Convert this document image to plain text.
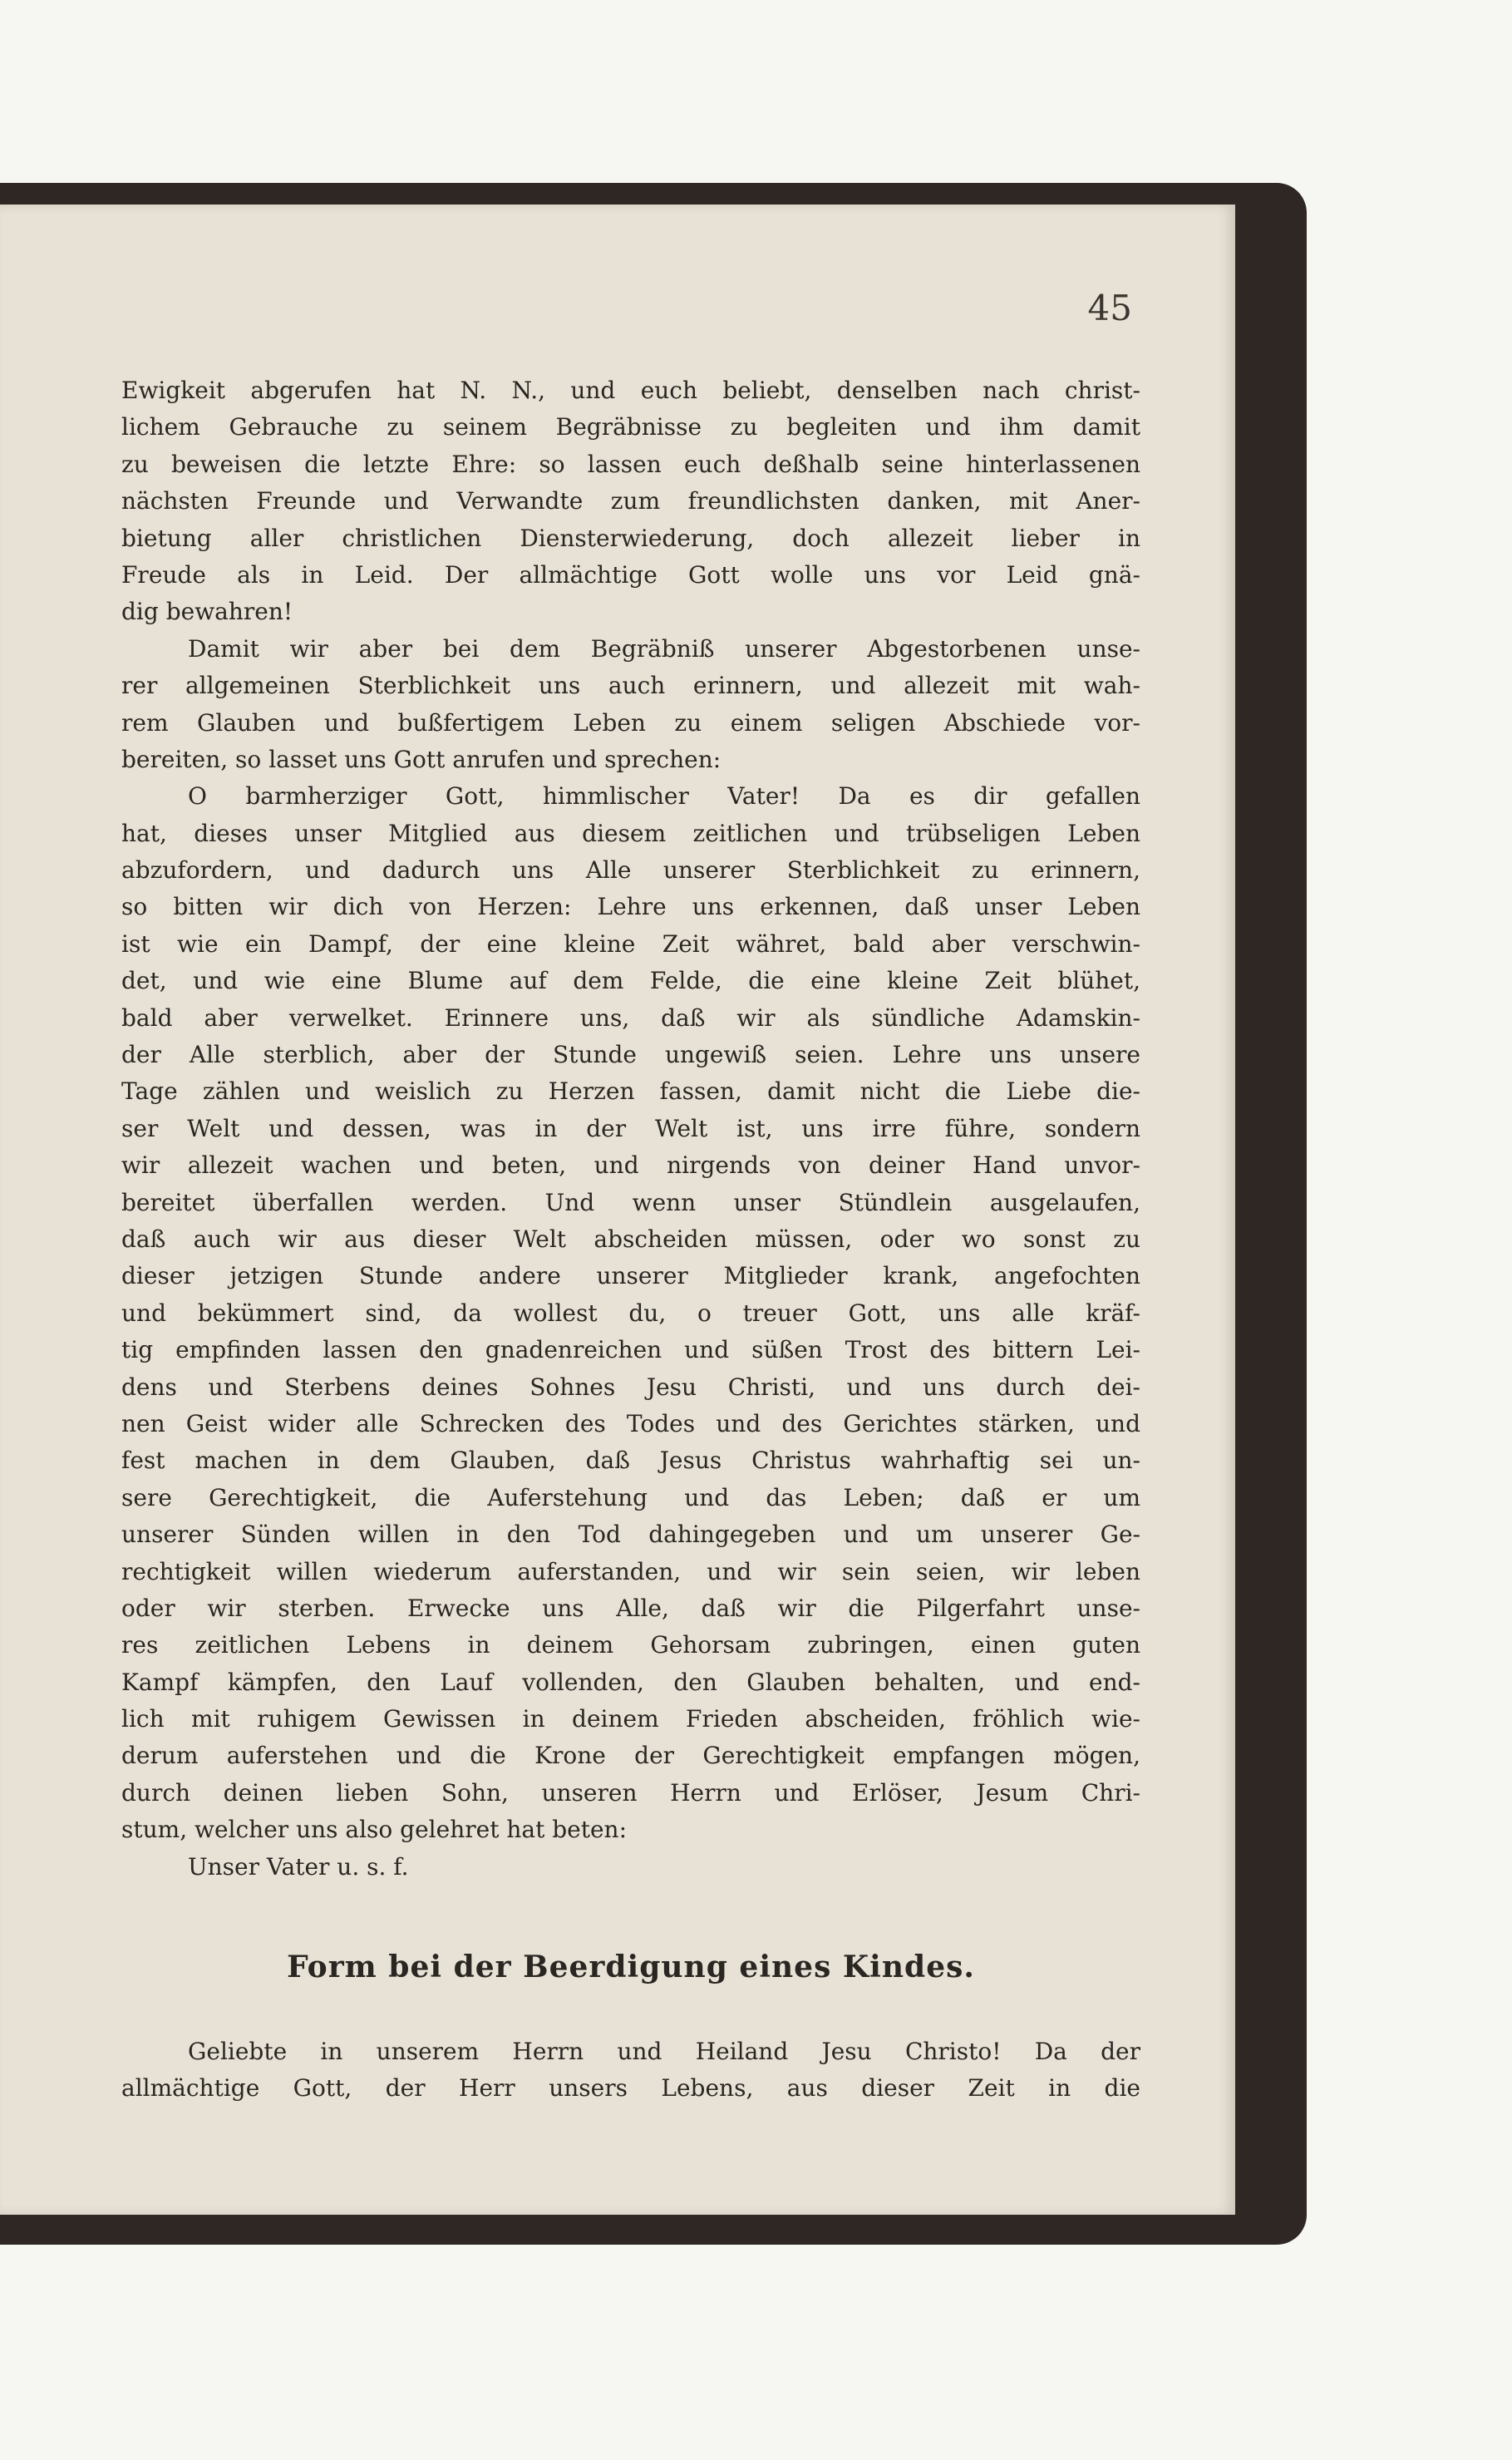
45
Ewigkeit abgerufen hat N. N., und euch beliebt, denselben nach christ-
lichem Gebrauche zu seinem Begräbnisse zu begleiten und ihm damit
zu beweisen die letzte Ehre: so lassen euch deßhalb seine hinterlassenen
nächsten Freunde und Verwandte zum freundlichsten danken, mit Aner-
bietung aller christlichen Diensterwiederung, doch allezeit lieber in
Freude als in Leid. Der allmächtige Gott wolle uns vor Leid gnä-
dig bewahren!
Damit wir aber bei dem Begräbniß unserer Abgestorbenen unse-
rer allgemeinen Sterblichkeit uns auch erinnern, und allezeit mit wah-
rem Glauben und bußfertigem Leben zu einem seligen Abschiede vor-
bereiten, so lasset uns Gott anrufen und sprechen:
O barmherziger Gott, himmlischer Vater! Da es dir gefallen
hat, dieses unser Mitglied aus diesem zeitlichen und trübseligen Leben
abzufordern, und dadurch uns Alle unserer Sterblichkeit zu erinnern,
so bitten wir dich von Herzen: Lehre uns erkennen, daß unser Leben
ist wie ein Dampf, der eine kleine Zeit währet, bald aber verschwin-
det, und wie eine Blume auf dem Felde, die eine kleine Zeit blühet,
bald aber verwelket. Erinnere uns, daß wir als sündliche Adamskin-
der Alle sterblich, aber der Stunde ungewiß seien. Lehre uns unsere
Tage zählen und weislich zu Herzen fassen, damit nicht die Liebe die-
ser Welt und dessen, was in der Welt ist, uns irre führe, sondern
wir allezeit wachen und beten, und nirgends von deiner Hand unvor-
bereitet überfallen werden. Und wenn unser Stündlein ausgelaufen,
daß auch wir aus dieser Welt abscheiden müssen, oder wo sonst zu
dieser jetzigen Stunde andere unserer Mitglieder krank, angefochten
und bekümmert sind, da wollest du, o treuer Gott, uns alle kräf-
tig empfinden lassen den gnadenreichen und süßen Trost des bittern Lei-
dens und Sterbens deines Sohnes Jesu Christi, und uns durch dei-
nen Geist wider alle Schrecken des Todes und des Gerichtes stärken, und
fest machen in dem Glauben, daß Jesus Christus wahrhaftig sei un-
sere Gerechtigkeit, die Auferstehung und das Leben; daß er um
unserer Sünden willen in den Tod dahingegeben und um unserer Ge-
rechtigkeit willen wiederum auferstanden, und wir sein seien, wir leben
oder wir sterben. Erwecke uns Alle, daß wir die Pilgerfahrt unse-
res zeitlichen Lebens in deinem Gehorsam zubringen, einen guten
Kampf kämpfen, den Lauf vollenden, den Glauben behalten, und end-
lich mit ruhigem Gewissen in deinem Frieden abscheiden, fröhlich wie-
derum auferstehen und die Krone der Gerechtigkeit empfangen mögen,
durch deinen lieben Sohn, unseren Herrn und Erlöser, Jesum Chri-
stum, welcher uns also gelehret hat beten:
Unser Vater u. s. f.
Form bei der Beerdigung eines Kindes.
Geliebte in unserem Herrn und Heiland Jesu Christo! Da der
allmächtige Gott, der Herr unsers Lebens, aus dieser Zeit in die
